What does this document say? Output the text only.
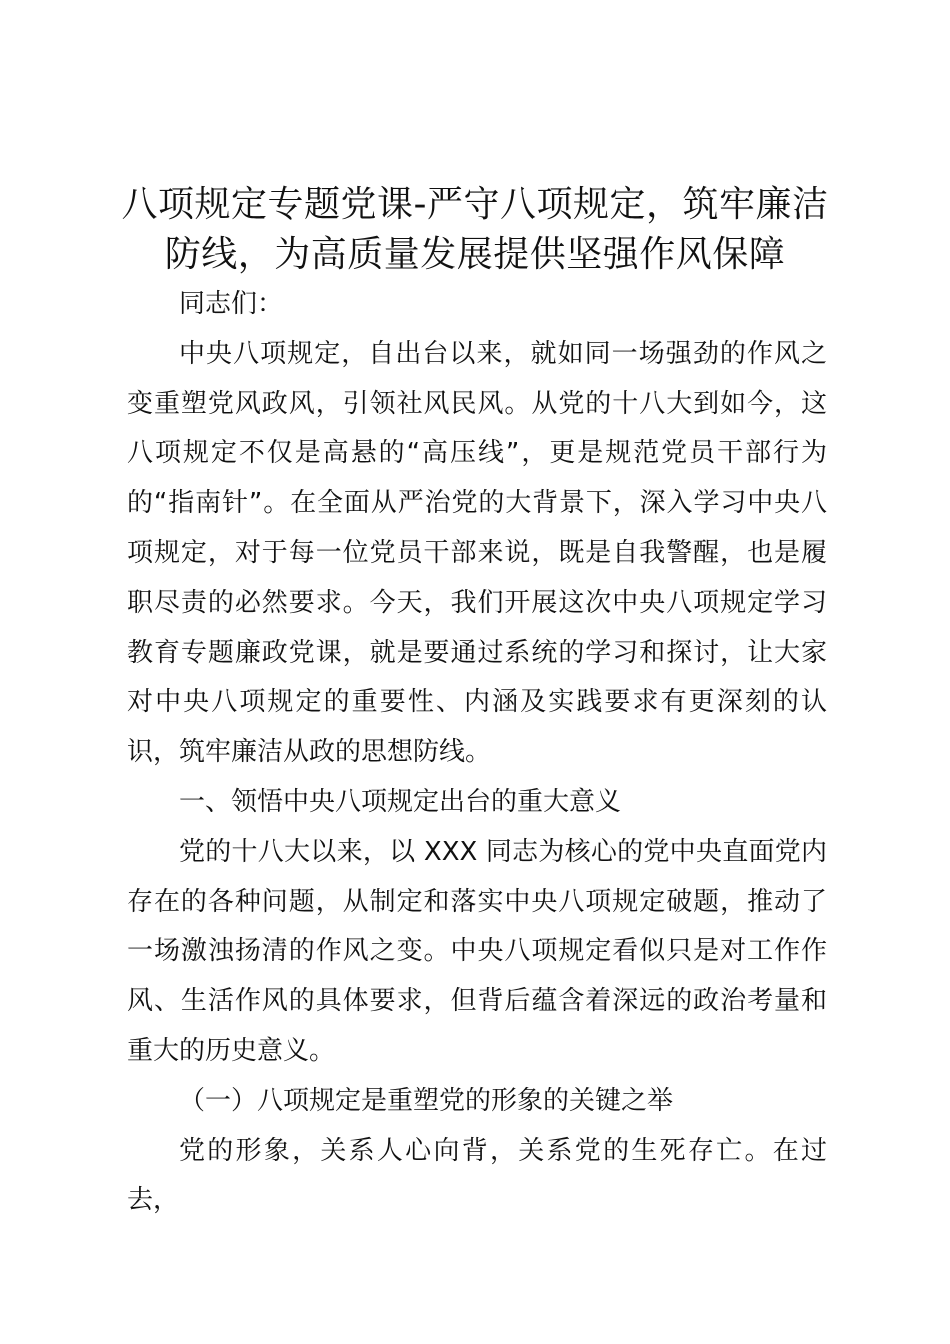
八项规定专题党课-严守八项规定，筑牢廉洁
防线，为高质量发展提供坚强作风保障

同志们：

中央八项规定，自出台以来，就如同一场强劲的作风之变重塑党风政风，引领社风民风。从党的十八大到如今，这八项规定不仅是高悬的“高压线”，更是规范党员干部行为的“指南针”。在全面从严治党的大背景下，深入学习中央八项规定，对于每一位党员干部来说，既是自我警醒，也是履职尽责的必然要求。今天，我们开展这次中央八项规定学习教育专题廉政党课，就是要通过系统的学习和探讨，让大家对中央八项规定的重要性、内涵及实践要求有更深刻的认识，筑牢廉洁从政的思想防线。

一、领悟中央八项规定出台的重大意义

党的十八大以来，以 XXX 同志为核心的党中央直面党内存在的各种问题，从制定和落实中央八项规定破题，推动了一场激浊扬清的作风之变。中央八项规定看似只是对工作作风、生活作风的具体要求，但背后蕴含着深远的政治考量和重大的历史意义。

（一）八项规定是重塑党的形象的关键之举

党的形象，关系人心向背，关系党的生死存亡。在过去，
